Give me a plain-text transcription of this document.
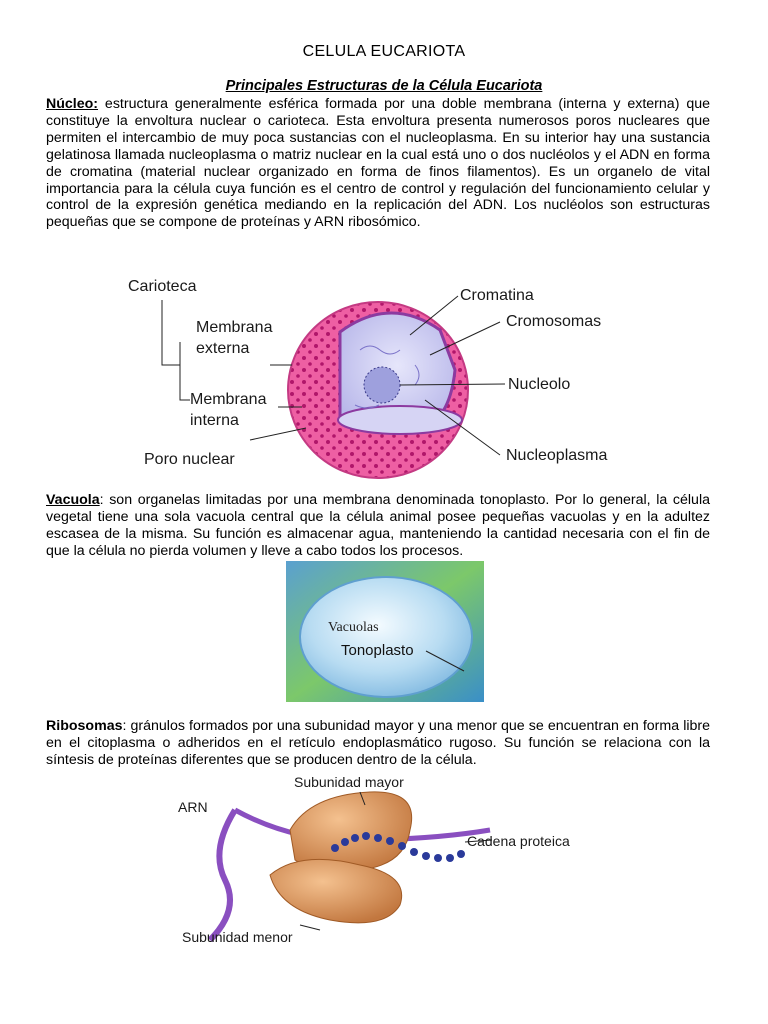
CELULA EUCARIOTA
Principales Estructuras de la Célula Eucariota
Núcleo: estructura generalmente esférica formada por una doble membrana (interna y externa) que constituye la envoltura nuclear o carioteca. Esta envoltura presenta numerosos poros nucleares que permiten el intercambio de muy poca sustancias con el nucleoplasma. En su interior hay una sustancia gelatinosa llamada nucleoplasma o matriz nuclear en la cual está uno o dos nucléolos y el ADN en forma de cromatina (material nuclear organizado en forma de finos filamentos). Es un organelo de vital importancia para la célula cuya función es el centro de control y regulación del funcionamiento celular y control de la expresión genética mediando en la replicación del ADN. Los nucléolos son estructuras pequeñas que se compone de proteínas y ARN ribosómico.
Carioteca
Membrana
externa
Membrana
interna
Poro nuclear
Cromatina
Cromosomas
Nucleolo
Nucleoplasma
Vacuola: son organelas limitadas por una membrana denominada tonoplasto. Por lo general, la célula vegetal tiene una sola vacuola central que la célula animal posee pequeñas vacuolas y en la adultez escasea de la misma. Su función es almacenar agua, manteniendo la cantidad necesaria con el fin de que la célula no pierda volumen y lleve a cabo todos los procesos.
Vacuolas
Tonoplasto
Ribosomas: gránulos formados por una subunidad mayor y una menor que se encuentran en forma libre en el citoplasma o adheridos en el retículo endoplasmático rugoso. Su función se relaciona con la síntesis de proteínas diferentes que se producen dentro de la célula.
Subunidad mayor
ARN
Cadena proteica
Subunidad menor
